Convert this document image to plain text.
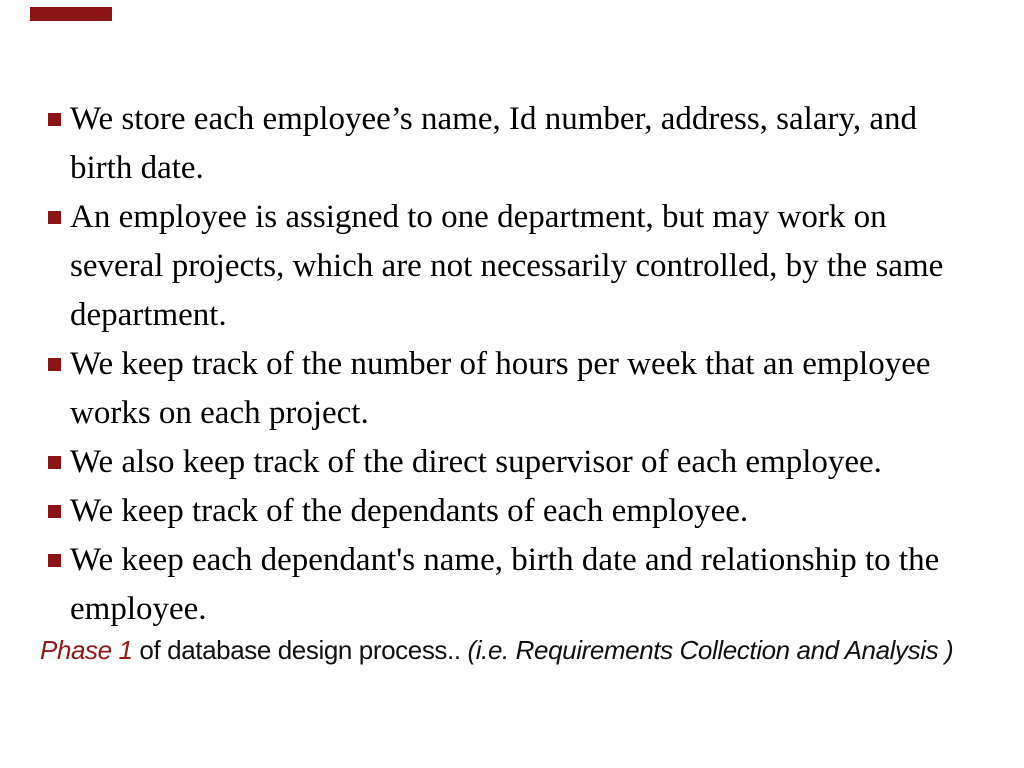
We store each employee’s name, Id number, address, salary, and
birth date.
An employee is assigned to one department, but may work on
several projects, which are not necessarily controlled, by the same
department.
We keep track of the number of hours per week that an employee
works on each project.
We also keep track of the direct supervisor of each employee.
We keep track of the dependants of each employee.
We keep each dependant's name, birth date and relationship to the
employee.
Phase 1 of database design process.. (i.e. Requirements Collection and Analysis )
